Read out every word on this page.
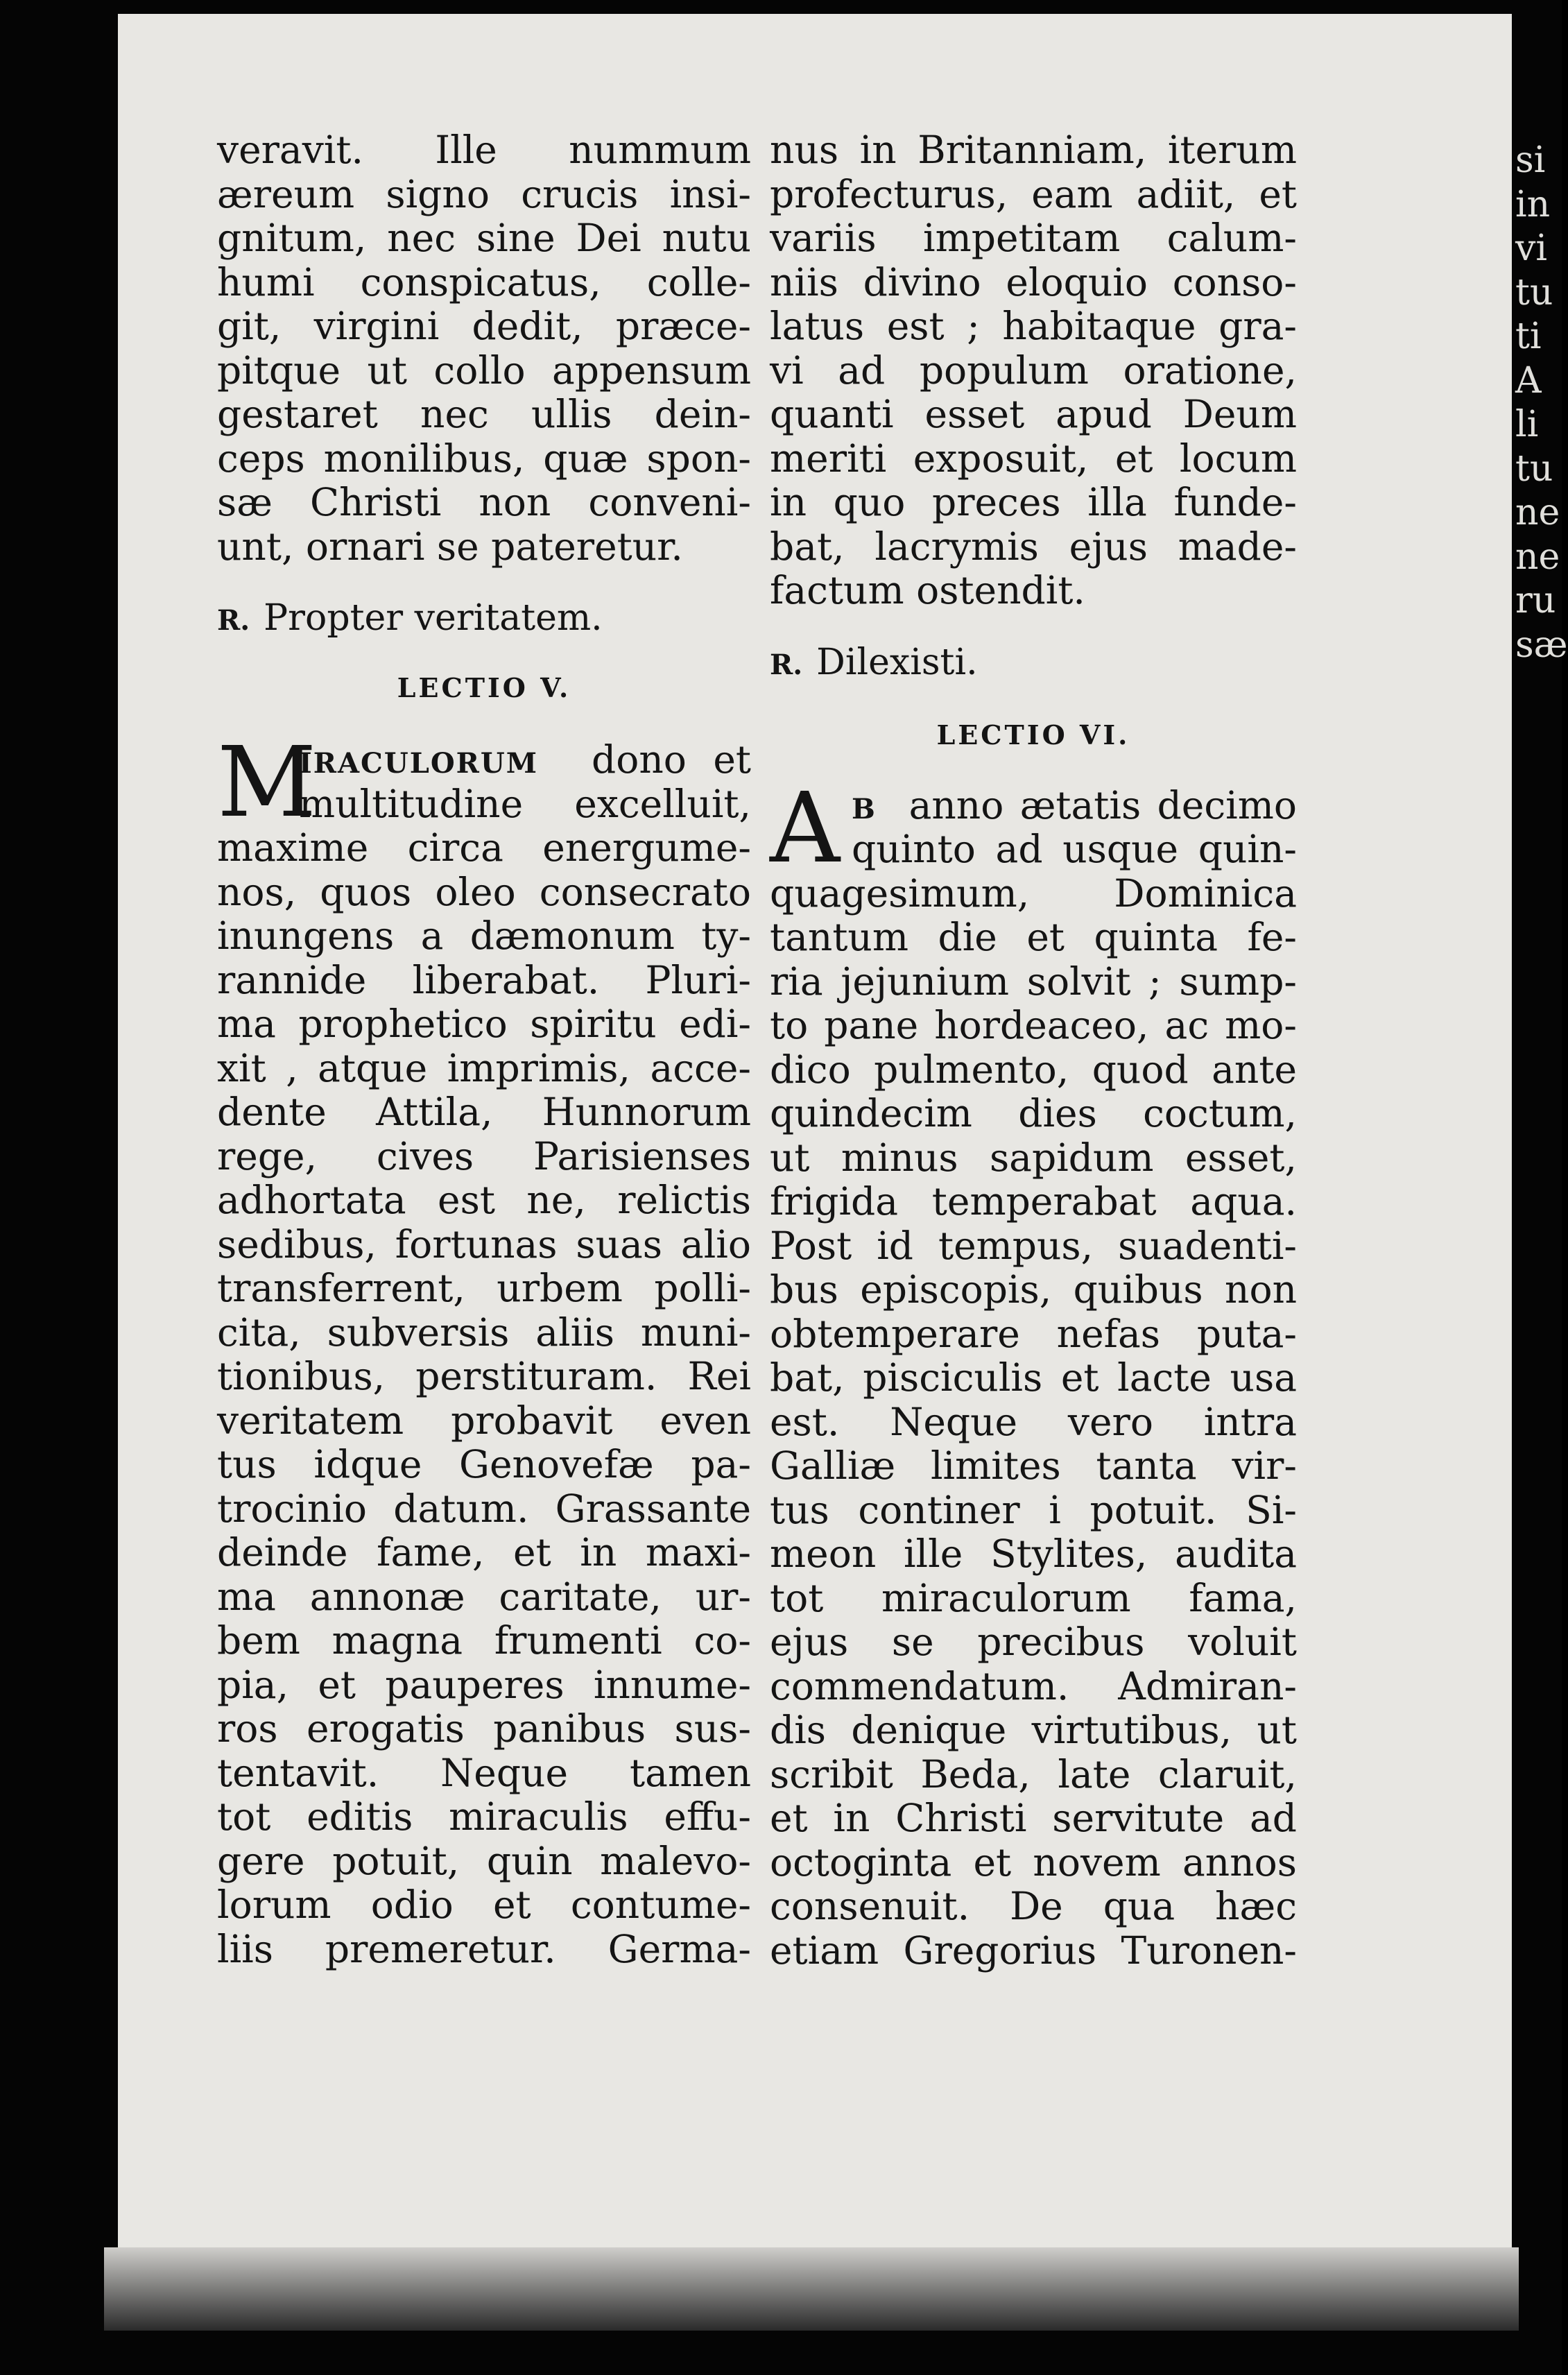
veravit. Ille nummum
æreum signo crucis insi-
gnitum, nec sine Dei nutu
humi conspicatus, colle-
git, virgini dedit, præce-
pitque ut collo appensum
gestaret nec ullis dein-
ceps monilibus, quæ spon-
sæ Christi non conveni-
unt, ornari se pateretur.
R. Propter veritatem.
LECTIO V.
M
IRACULORUM dono et
multitudine excelluit,
maxime circa energume-
nos, quos oleo consecrato
inungens a dæmonum ty-
rannide liberabat. Pluri-
ma prophetico spiritu edi-
xit , atque imprimis, acce-
dente Attila, Hunnorum
rege, cives Parisienses
adhortata est ne, relictis
sedibus, fortunas suas alio
transferrent, urbem polli-
cita, subversis aliis muni-
tionibus, perstituram. Rei
veritatem probavit even
tus idque Genovefæ pa-
trocinio datum. Grassante
deinde fame, et in maxi-
ma annonæ caritate, ur-
bem magna frumenti co-
pia, et pauperes innume-
ros erogatis panibus sus-
tentavit. Neque tamen
tot editis miraculis effu-
gere potuit, quin malevo-
lorum odio et contume-
liis premeretur. Germa-
nus in Britanniam, iterum
profecturus, eam adiit, et
variis impetitam calum-
niis divino eloquio conso-
latus est ; habitaque gra-
vi ad populum oratione,
quanti esset apud Deum
meriti exposuit, et locum
in quo preces illa funde-
bat, lacrymis ejus made-
factum ostendit.
R. Dilexisti.
LECTIO VI.
A B anno ætatis decimo
quinto ad usque quin-
quagesimum, Dominica
tantum die et quinta fe-
ria jejunium solvit ; sump-
to pane hordeaceo, ac mo-
dico pulmento, quod ante
quindecim dies coctum,
ut minus sapidum esset,
frigida temperabat aqua.
Post id tempus, suadenti-
bus episcopis, quibus non
obtemperare nefas puta-
bat, pisciculis et lacte usa
est. Neque vero intra
Galliæ limites tanta vir-
tus continer i potuit. Si-
meon ille Stylites, audita
tot miraculorum fama,
ejus se precibus voluit
commendatum. Admiran-
dis denique virtutibus, ut
scribit Beda, late claruit,
et in Christi servitute ad
octoginta et novem annos
consenuit. De qua hæc
etiam Gregorius Turonen-
si
in
vi
tu
ti
A
li
tu
ne
ne
ru
sæ
